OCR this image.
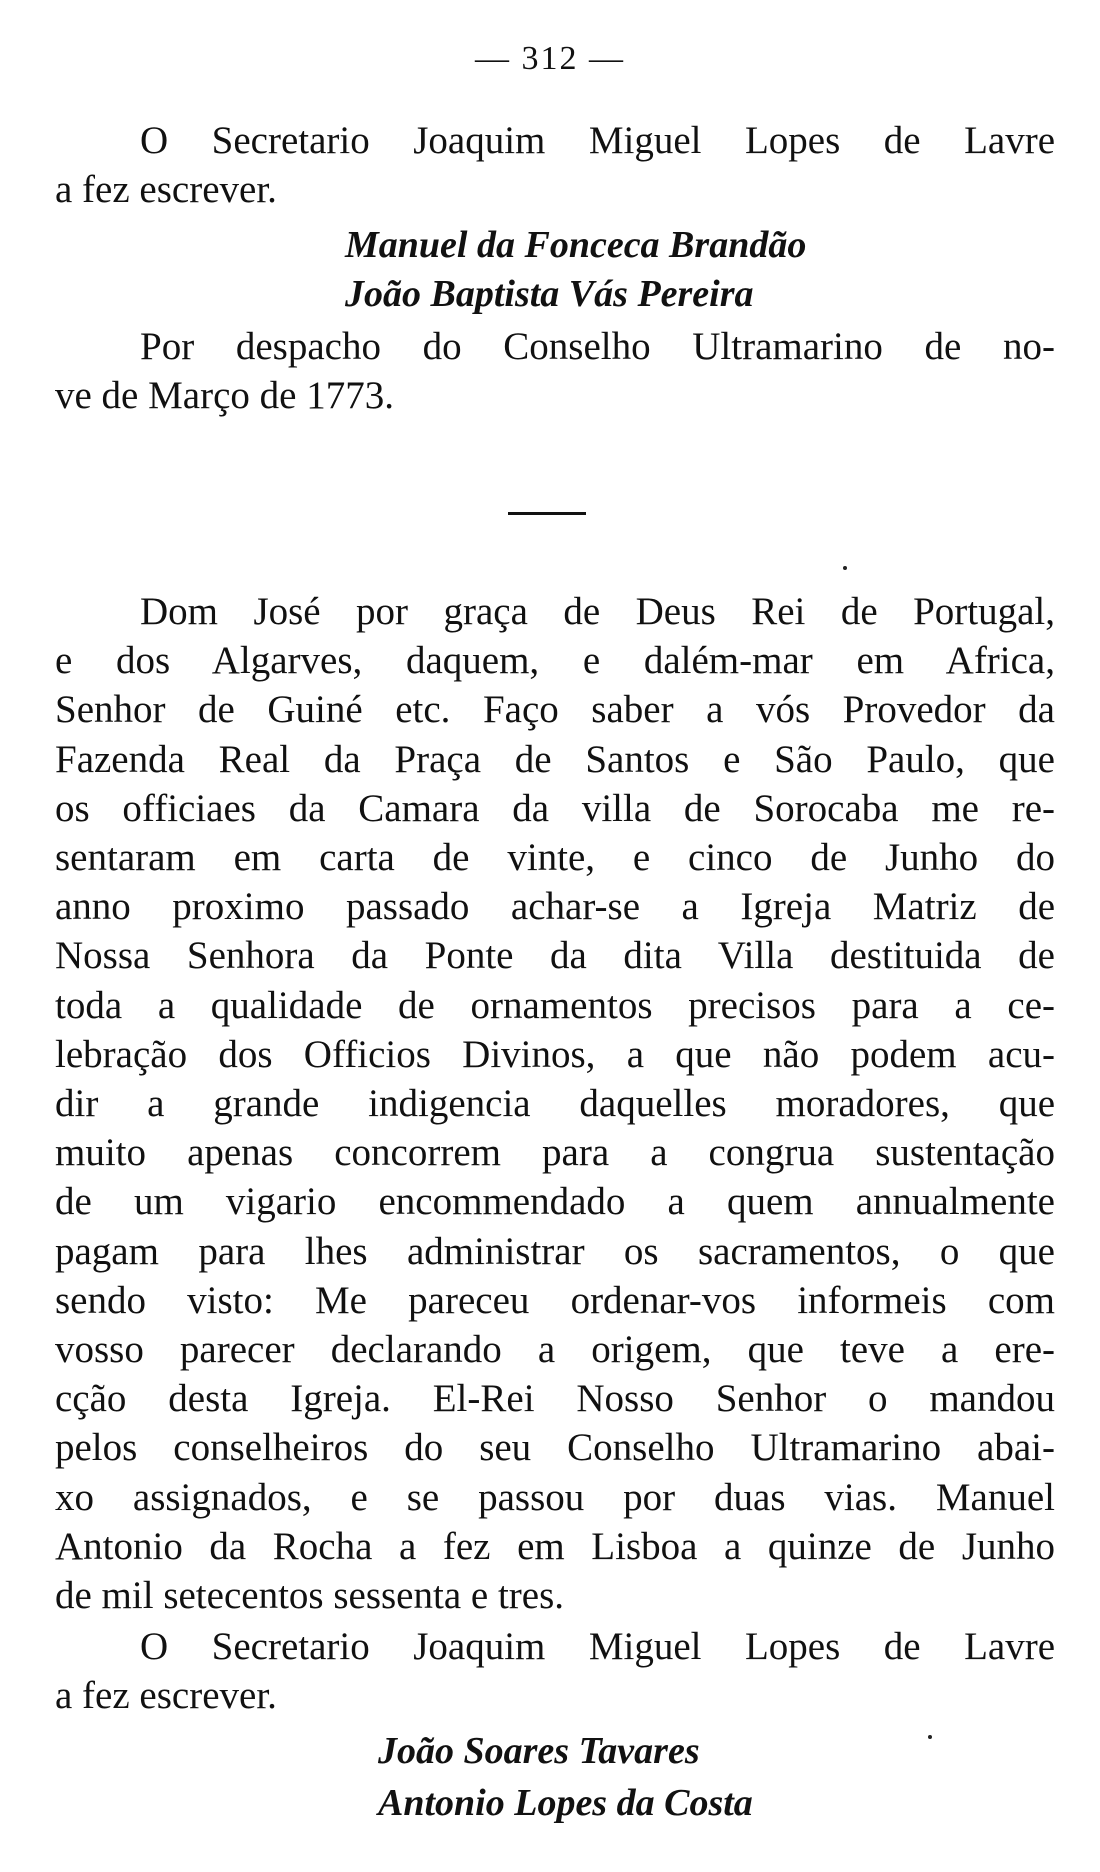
— 312 —
O Secretario Joaquim Miguel Lopes de Lavre
a fez escrever.
Manuel da Fonceca Brandão
João Baptista Vás Pereira
Por despacho do Conselho Ultramarino de no-
ve de Março de 1773.
Dom José por graça de Deus Rei de Portugal,
e dos Algarves, daquem, e dalém-mar em Africa,
Senhor de Guiné etc. Faço saber a vós Provedor da
Fazenda Real da Praça de Santos e São Paulo, que
os officiaes da Camara da villa de Sorocaba me re-
sentaram em carta de vinte, e cinco de Junho do
anno proximo passado achar-se a Igreja Matriz de
Nossa Senhora da Ponte da dita Villa destituida de
toda a qualidade de ornamentos precisos para a ce-
lebração dos Officios Divinos, a que não podem acu-
dir a grande indigencia daquelles moradores, que
muito apenas concorrem para a congrua sustentação
de um vigario encommendado a quem annualmente
pagam para lhes administrar os sacramentos, o que
sendo visto: Me pareceu ordenar-vos informeis com
vosso parecer declarando a origem, que teve a ere-
cção desta Igreja. El-Rei Nosso Senhor o mandou
pelos conselheiros do seu Conselho Ultramarino abai-
xo assignados, e se passou por duas vias. Manuel
Antonio da Rocha a fez em Lisboa a quinze de Junho
de mil setecentos sessenta e tres.
O Secretario Joaquim Miguel Lopes de Lavre
a fez escrever.
João Soares Tavares
Antonio Lopes da Costa
